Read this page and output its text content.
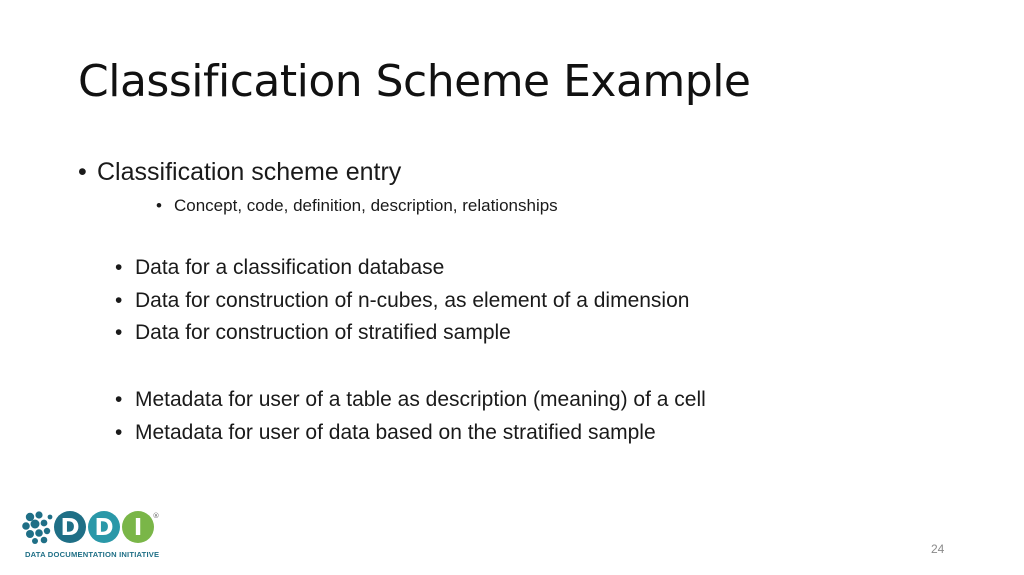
Classification Scheme Example
• Classification scheme entry
• Concept, code, definition, description, relationships
• Data for a classification database
• Data for construction of n-cubes, as element of a dimension
• Data for construction of stratified sample
• Metadata for user of a table as description (meaning) of a cell
• Metadata for user of data based on the stratified sample
D D I ®
DATA DOCUMENTATION INITIATIVE	24
